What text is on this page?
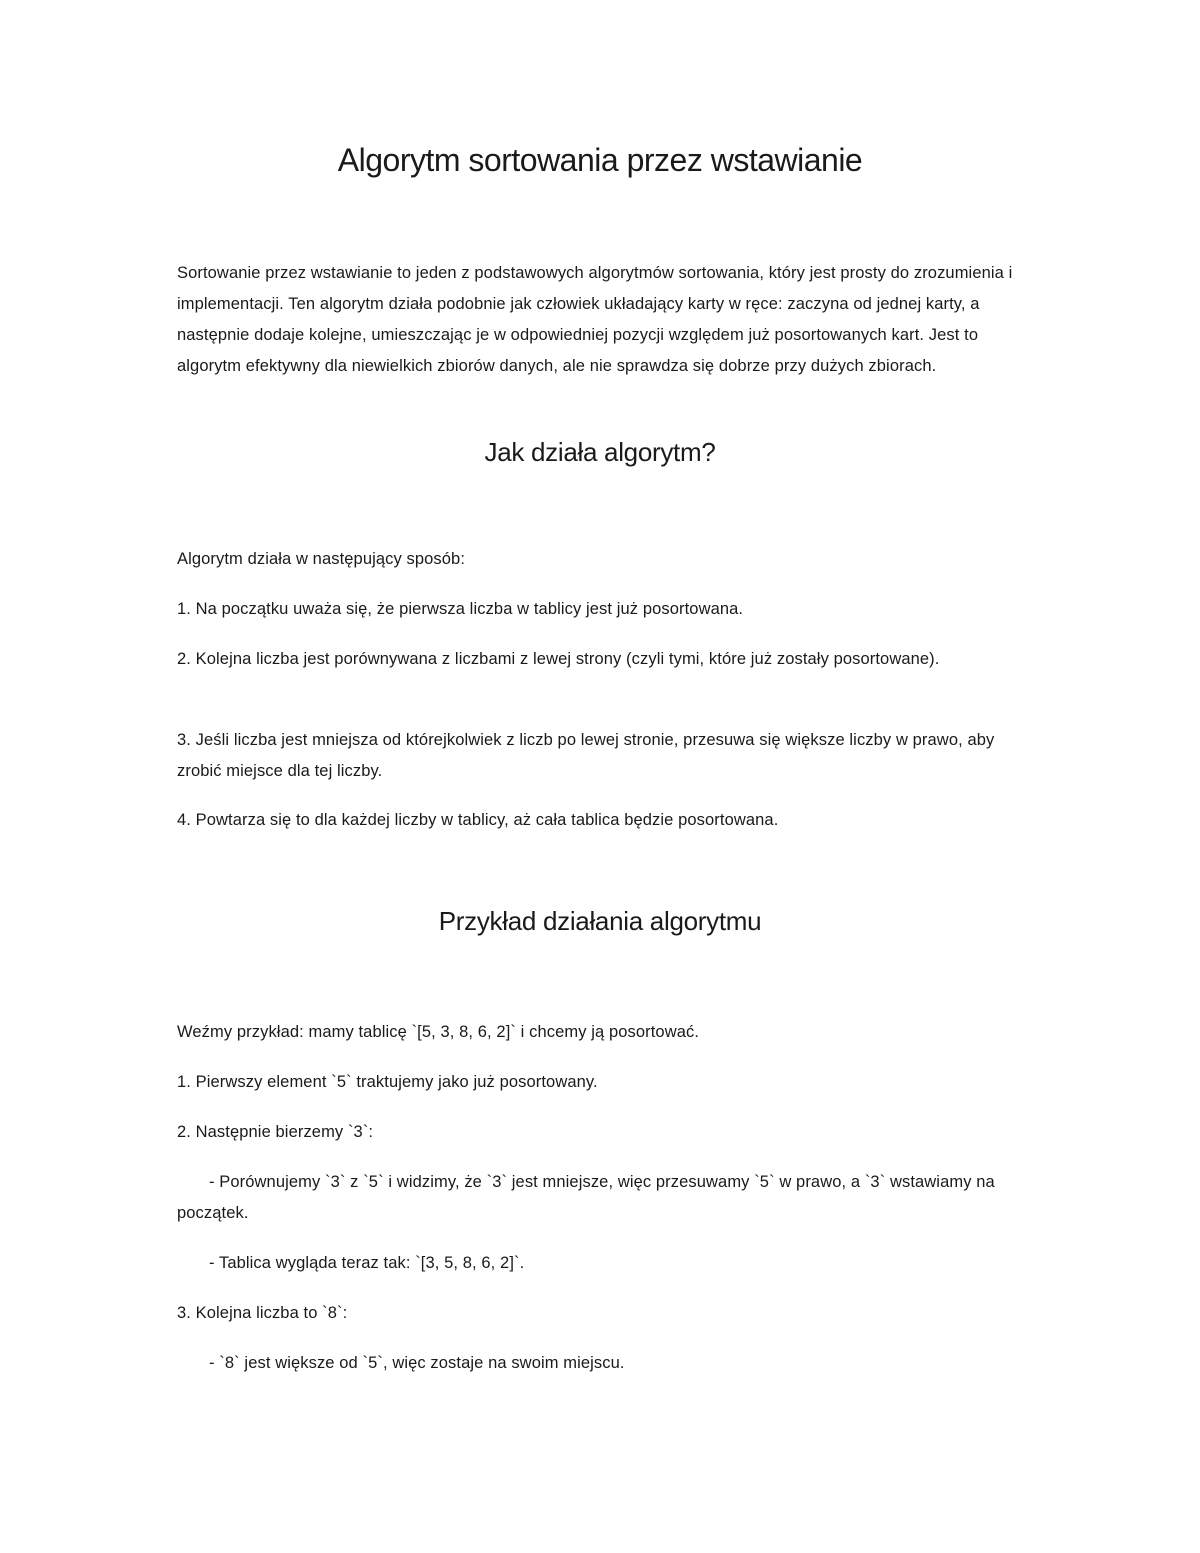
Algorytm sortowania przez wstawianie

Sortowanie przez wstawianie to jeden z podstawowych algorytmów sortowania, który jest prosty do zrozumienia i implementacji. Ten algorytm działa podobnie jak człowiek układający karty w ręce: zaczyna od jednej karty, a następnie dodaje kolejne, umieszczając je w odpowiedniej pozycji względem już posortowanych kart. Jest to algorytm efektywny dla niewielkich zbiorów danych, ale nie sprawdza się dobrze przy dużych zbiorach.

Jak działa algorytm?

Algorytm działa w następujący sposób:

1. Na początku uważa się, że pierwsza liczba w tablicy jest już posortowana.

2. Kolejna liczba jest porównywana z liczbami z lewej strony (czyli tymi, które już zostały posortowane).

3. Jeśli liczba jest mniejsza od którejkolwiek z liczb po lewej stronie, przesuwa się większe liczby w prawo, aby zrobić miejsce dla tej liczby.

4. Powtarza się to dla każdej liczby w tablicy, aż cała tablica będzie posortowana.

Przykład działania algorytmu

Weźmy przykład: mamy tablicę `[5, 3, 8, 6, 2]` i chcemy ją posortować.

1. Pierwszy element `5` traktujemy jako już posortowany.

2. Następnie bierzemy `3`:

- Porównujemy `3` z `5` i widzimy, że `3` jest mniejsze, więc przesuwamy `5` w prawo, a `3` wstawiamy na początek.

- Tablica wygląda teraz tak: `[3, 5, 8, 6, 2]`.

3. Kolejna liczba to `8`:

- `8` jest większe od `5`, więc zostaje na swoim miejscu.
